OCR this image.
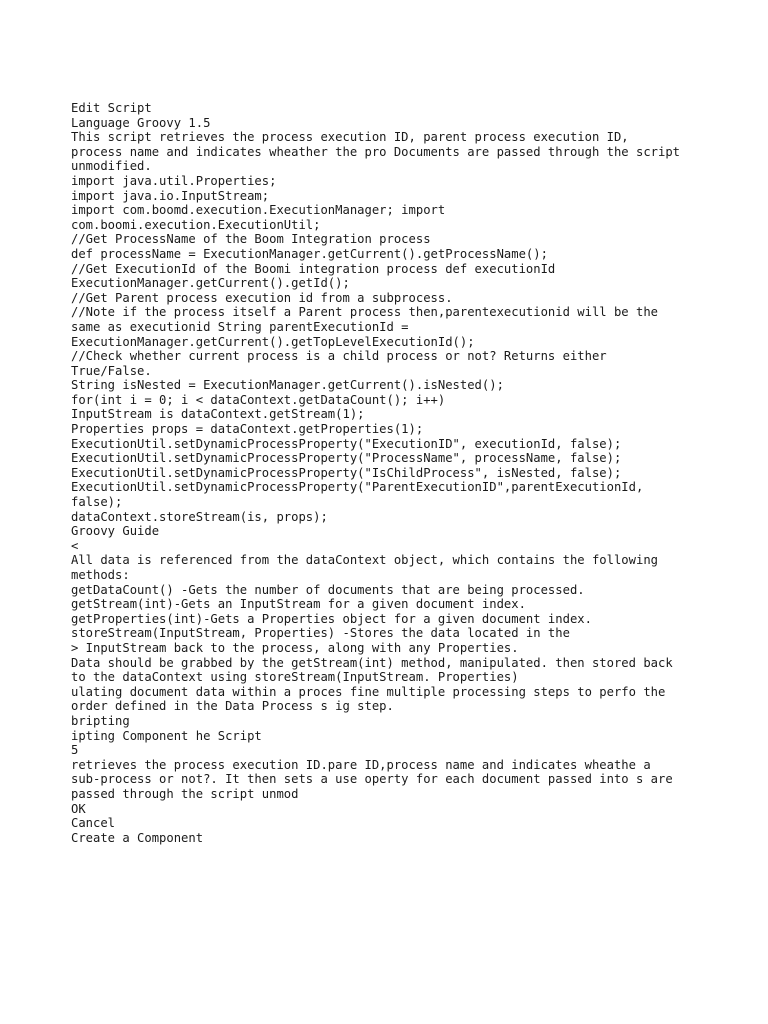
Edit Script
Language Groovy 1.5
This script retrieves the process execution ID, parent process execution ID,
process name and indicates wheather the pro Documents are passed through the script
unmodified.
import java.util.Properties;
import java.io.InputStream;
import com.boomd.execution.ExecutionManager; import
com.boomi.execution.ExecutionUtil;
//Get ProcessName of the Boom Integration process
def processName = ExecutionManager.getCurrent().getProcessName();
//Get ExecutionId of the Boomi integration process def executionId
ExecutionManager.getCurrent().getId();
//Get Parent process execution id from a subprocess.
//Note if the process itself a Parent process then,parentexecutionid will be the
same as executionid String parentExecutionId =
ExecutionManager.getCurrent().getTopLevelExecutionId();
//Check whether current process is a child process or not? Returns either
True/False.
String isNested = ExecutionManager.getCurrent().isNested();
for(int i = 0; i < dataContext.getDataCount(); i++)
InputStream is dataContext.getStream(1);
Properties props = dataContext.getProperties(1);
ExecutionUtil.setDynamicProcessProperty("ExecutionID", executionId, false);
ExecutionUtil.setDynamicProcessProperty("ProcessName", processName, false);
ExecutionUtil.setDynamicProcessProperty("IsChildProcess", isNested, false);
ExecutionUtil.setDynamicProcessProperty("ParentExecutionID",parentExecutionId,
false);
dataContext.storeStream(is, props);
Groovy Guide
<
All data is referenced from the dataContext object, which contains the following
methods:
getDataCount() -Gets the number of documents that are being processed.
getStream(int)-Gets an InputStream for a given document index.
getProperties(int)-Gets a Properties object for a given document index.
storeStream(InputStream, Properties) -Stores the data located in the
> InputStream back to the process, along with any Properties.
Data should be grabbed by the getStream(int) method, manipulated. then stored back
to the dataContext using storeStream(InputStream. Properties)
ulating document data within a proces fine multiple processing steps to perfo the
order defined in the Data Process s ig step.
bripting
ipting Component he Script
5
retrieves the process execution ID.pare ID,process name and indicates wheathe a
sub-process or not?. It then sets a use operty for each document passed into s are
passed through the script unmod
OK
Cancel
Create a Component
